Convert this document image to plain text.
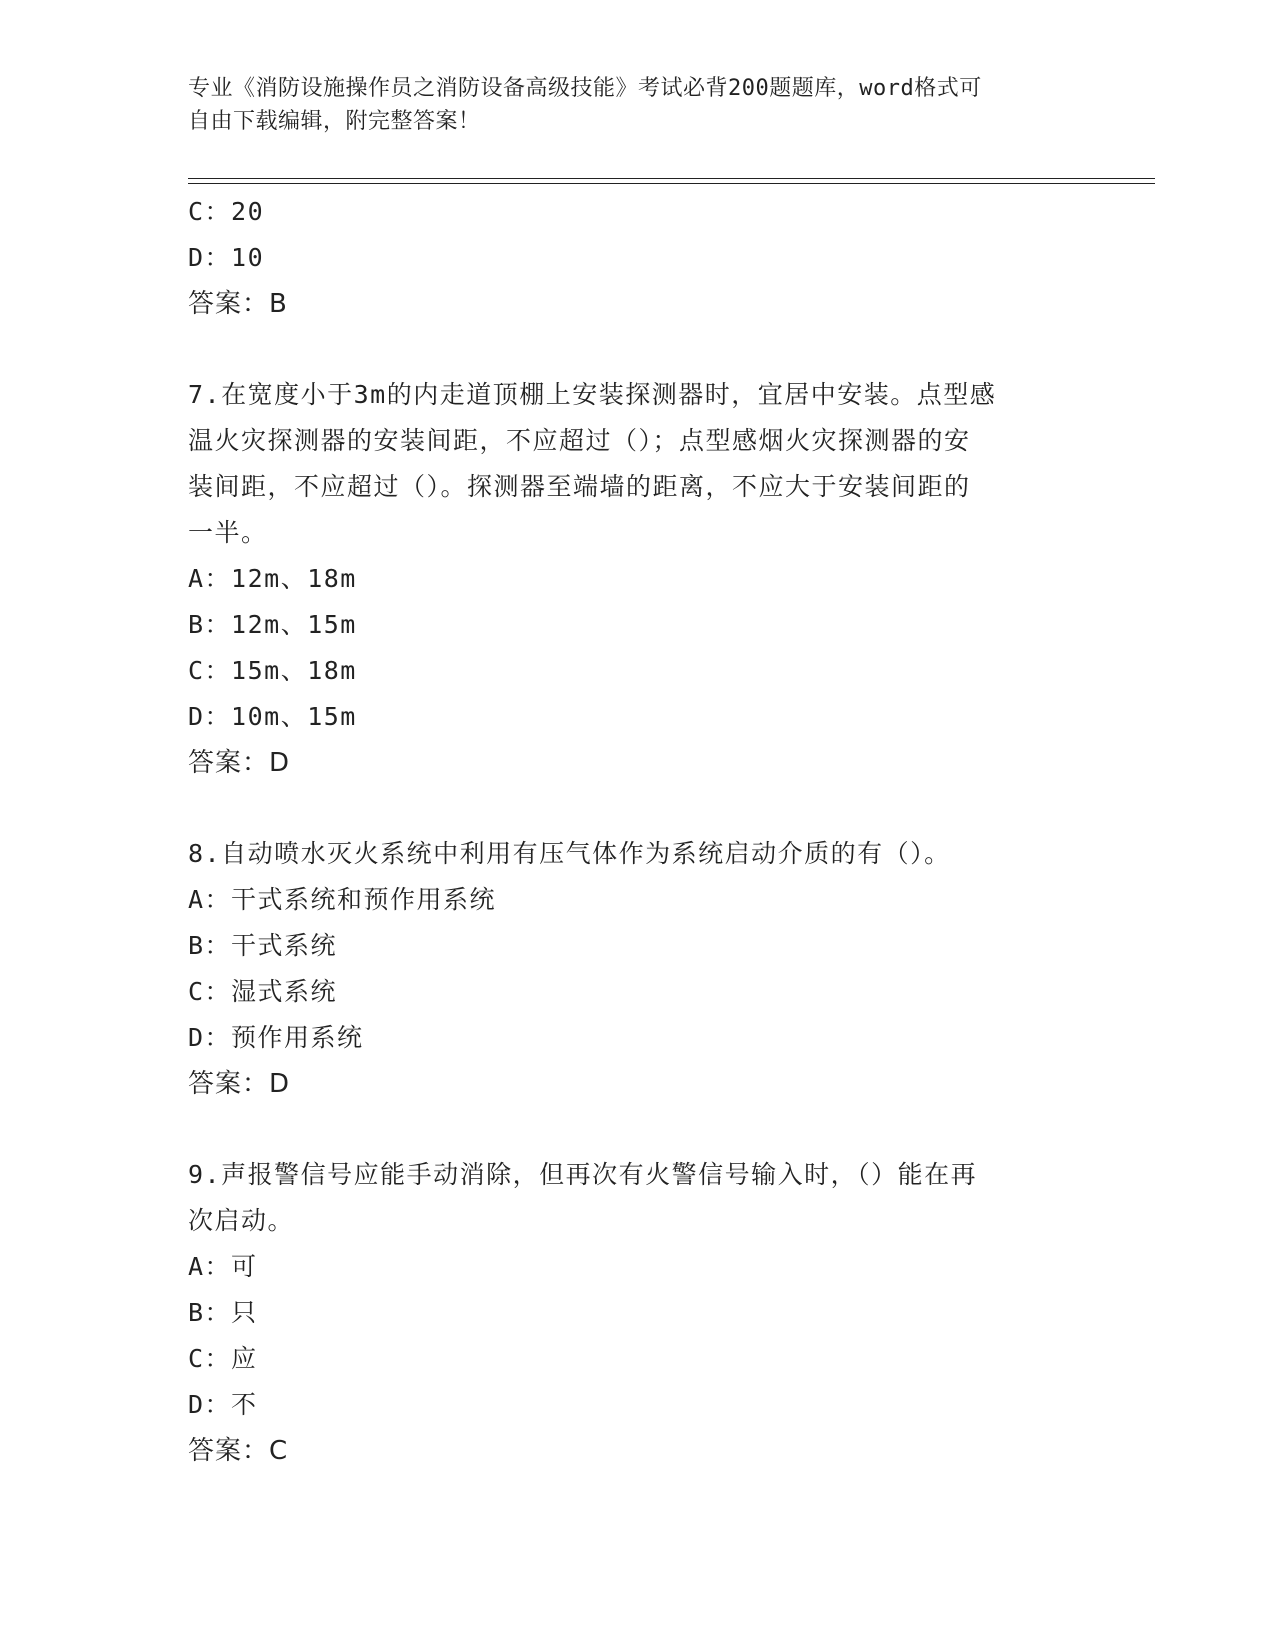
专业《消防设施操作员之消防设备高级技能》考试必背200题题库，word格式可
自由下载编辑，附完整答案！
C：20
D：10
答案：B
7.在宽度小于3m的内走道顶棚上安装探测器时，宜居中安装。点型感
温火灾探测器的安装间距，不应超过（）；点型感烟火灾探测器的安
装间距，不应超过（）。探测器至端墙的距离，不应大于安装间距的
一半。
A：12m、18m
B：12m、15m
C：15m、18m
D：10m、15m
答案：D
8.自动喷水灭火系统中利用有压气体作为系统启动介质的有（）。
A：干式系统和预作用系统
B：干式系统
C：湿式系统
D：预作用系统
答案：D
9.声报警信号应能手动消除，但再次有火警信号输入时，（）能在再
次启动。
A：可
B：只
C：应
D：不
答案：C
